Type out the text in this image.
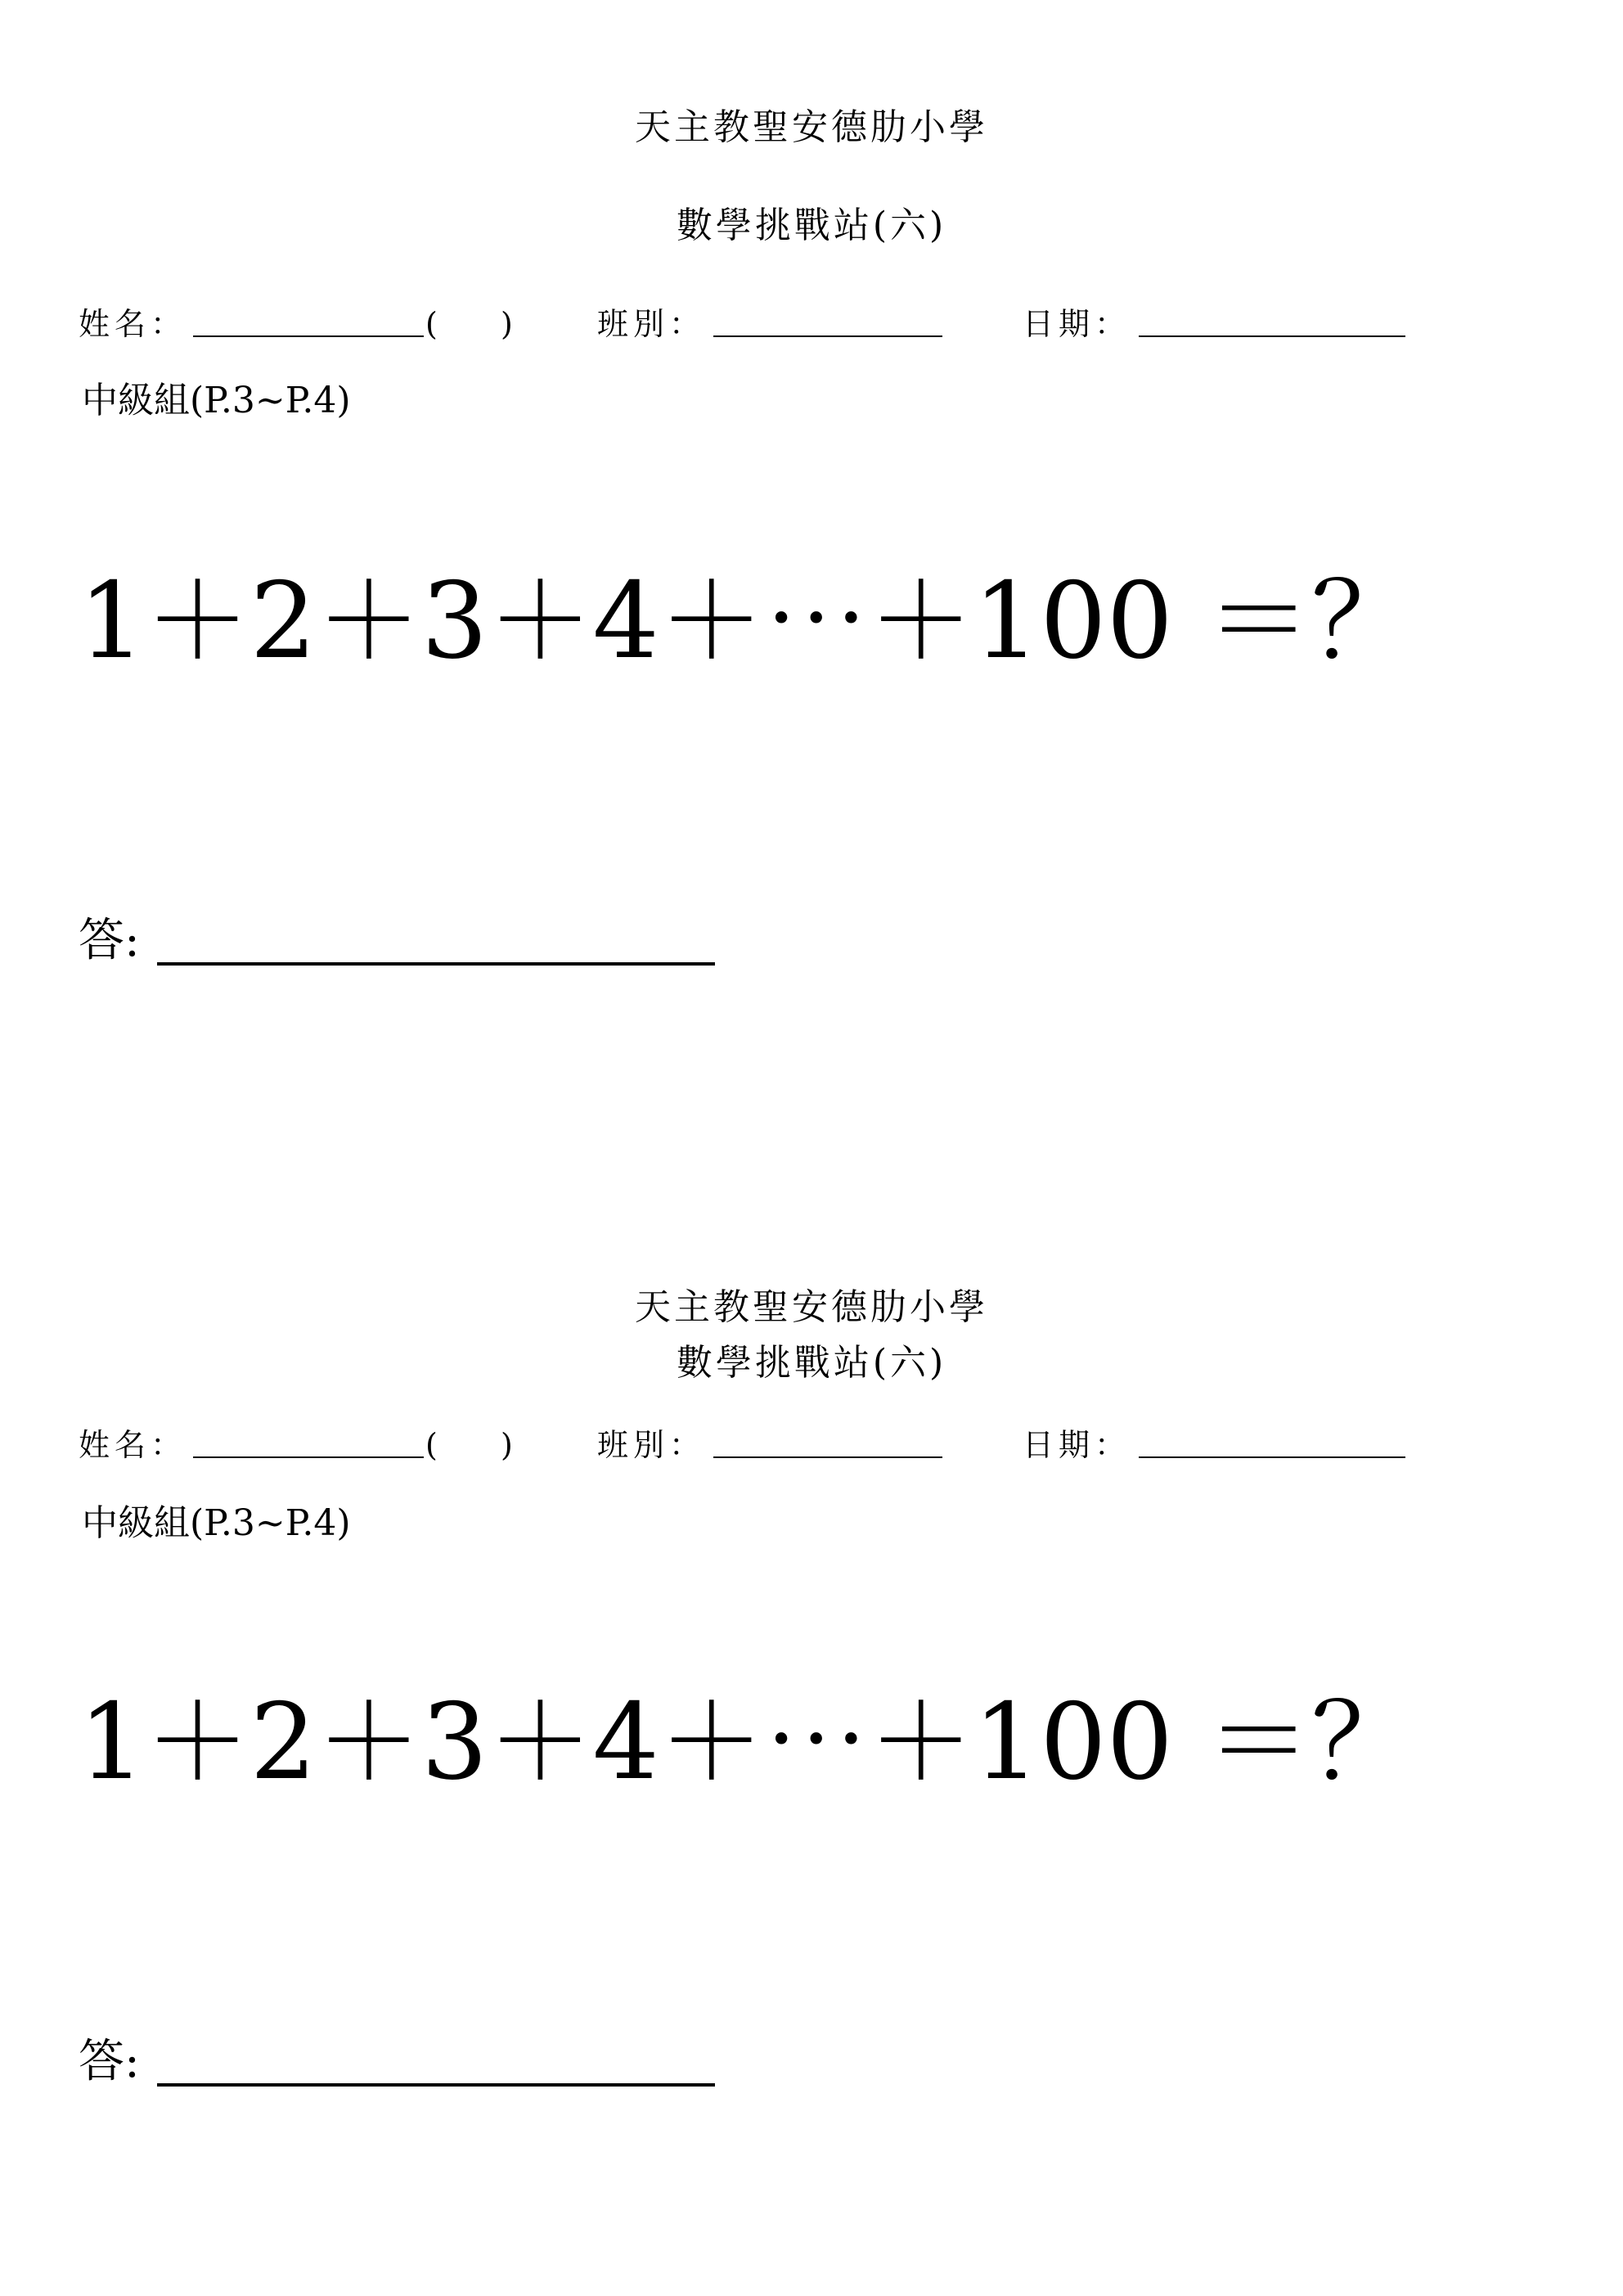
天主教聖安德肋小學
數學挑戰站(六)
姓名：	( )	班別：	日期：
中級組(P.3~P.4)
1＋2＋3＋4＋⋯＋100 ＝？
答:
天主教聖安德肋小學
數學挑戰站(六)
姓名：	( )	班別：	日期：
中級組(P.3~P.4)
1＋2＋3＋4＋⋯＋100 ＝？
答:
